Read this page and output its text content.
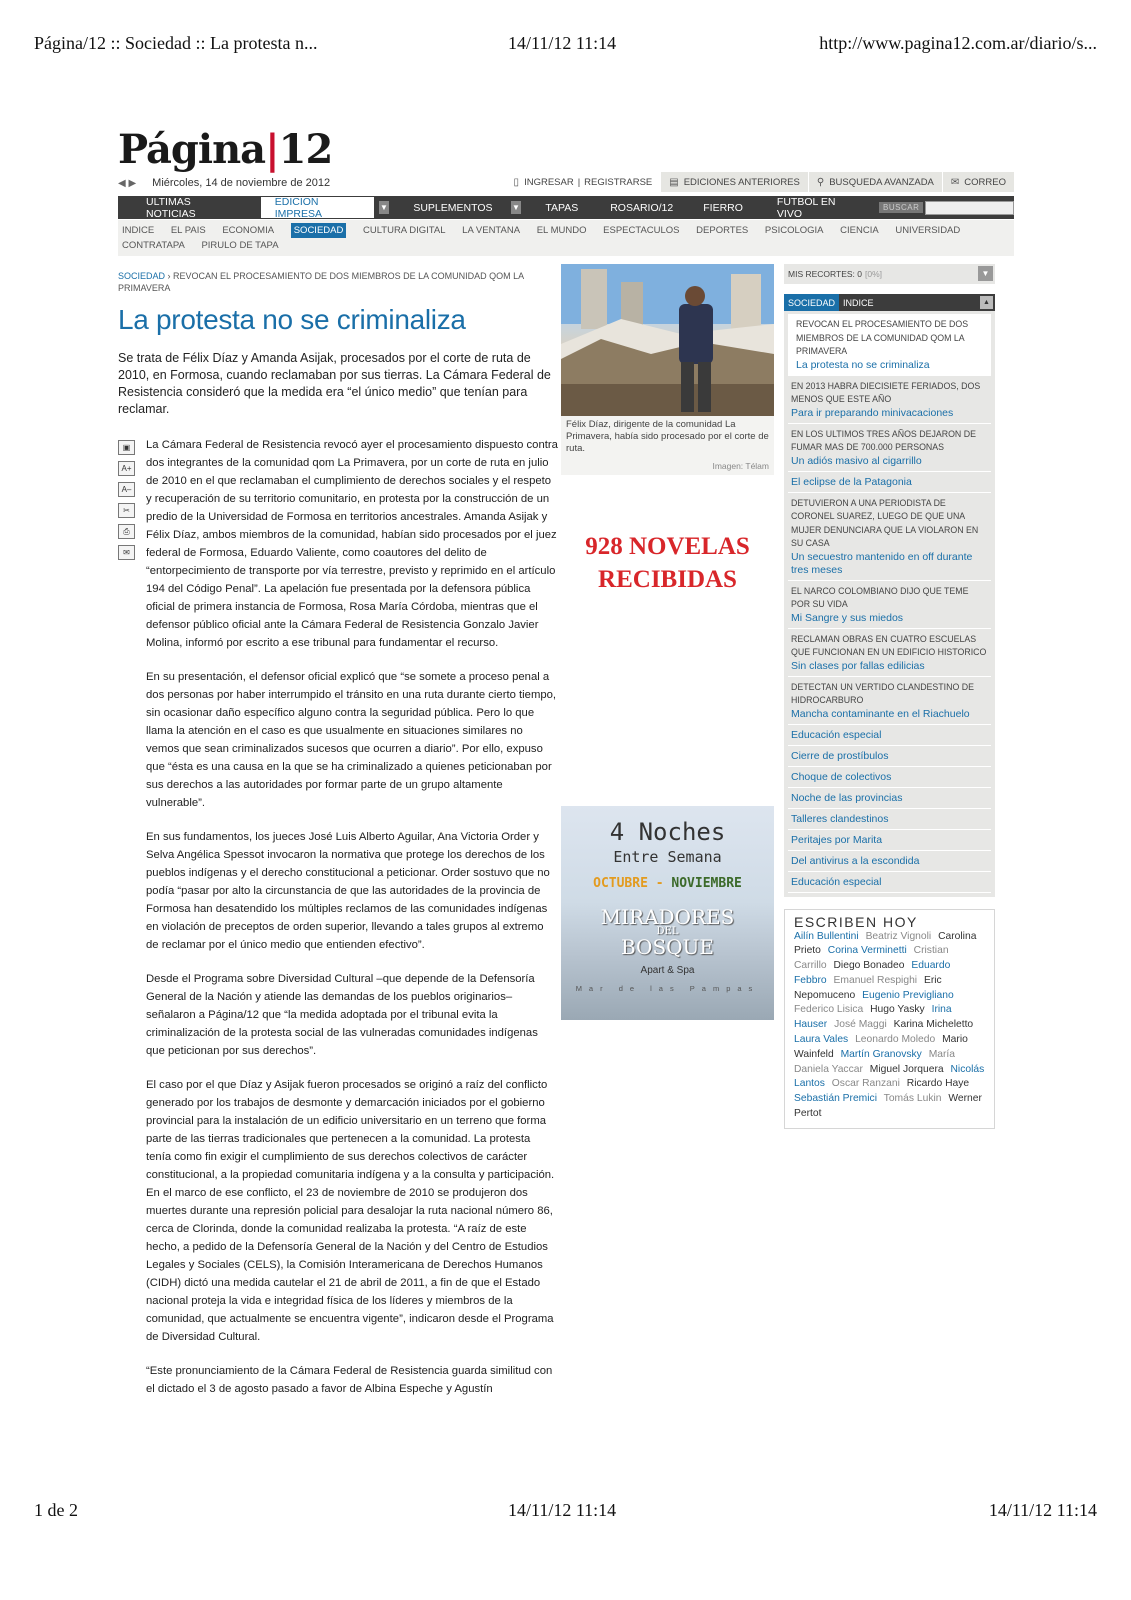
Página/12 :: Sociedad :: La protesta n...	14/11/12 11:14	http://www.pagina12.com.ar/diario/s...
Página|12
◀ ▶ Miércoles, 14 de noviembre de 2012	▯ INGRESAR | REGISTRARSE ▤ EDICIONES ANTERIORES ⚲ BUSQUEDA AVANZADA ✉ CORREO
ULTIMAS NOTICIAS
EDICION IMPRESA	▼	SUPLEMENTOS	▼	TAPAS	ROSARIO/12	FIERRO	FUTBOL EN VIVO	BUSCAR
INDICE EL PAIS ECONOMIA SOCIEDAD CULTURA DIGITAL LA VENTANA EL MUNDO ESPECTACULOS DEPORTES PSICOLOGIA CIENCIA UNIVERSIDAD CONTRATAPA PIRULO DE TAPA
SOCIEDAD › REVOCAN EL PROCESAMIENTO DE DOS MIEMBROS DE LA COMUNIDAD QOM LA PRIMAVERA
La protesta no se criminaliza

Se trata de Félix Díaz y Amanda Asijak, procesados por el corte de ruta de 2010, en Formosa, cuando reclamaban por sus tierras. La Cámara Federal de Resistencia consideró que la medida era “el único medio” que tenían para reclamar.

▣
A+
A–
✂
⎙
✉

La Cámara Federal de Resistencia revocó ayer el procesamiento dispuesto contra dos integrantes de la comunidad qom La Primavera, por un corte de ruta en julio de 2010 en el que reclamaban el cumplimiento de derechos sociales y el respeto y recuperación de su territorio comunitario, en protesta por la construcción de un predio de la Universidad de Formosa en territorios ancestrales. Amanda Asijak y Félix Díaz, ambos miembros de la comunidad, habían sido procesados por el juez federal de Formosa, Eduardo Valiente, como coautores del delito de “entorpecimiento de transporte por vía terrestre, previsto y reprimido en el artículo 194 del Código Penal”. La apelación fue presentada por la defensora pública oficial de primera instancia de Formosa, Rosa María Córdoba, mientras que el defensor público oficial ante la Cámara Federal de Resistencia Gonzalo Javier Molina, informó por escrito a ese tribunal para fundamentar el recurso.

En su presentación, el defensor oficial explicó que “se somete a proceso penal a dos personas por haber interrumpido el tránsito en una ruta durante cierto tiempo, sin ocasionar daño específico alguno contra la seguridad pública. Pero lo que llama la atención en el caso es que usualmente en situaciones similares no vemos que sean criminalizados sucesos que ocurren a diario”. Por ello, expuso que “ésta es una causa en la que se ha criminalizado a quienes peticionaban por sus derechos a las autoridades por formar parte de un grupo altamente vulnerable”.

En sus fundamentos, los jueces José Luis Alberto Aguilar, Ana Victoria Order y Selva Angélica Spessot invocaron la normativa que protege los derechos de los pueblos indígenas y el derecho constitucional a peticionar. Order sostuvo que no podía “pasar por alto la circunstancia de que las autoridades de la provincia de Formosa han desatendido los múltiples reclamos de las comunidades indígenas en violación de preceptos de orden superior, llevando a tales grupos al extremo de reclamar por el único medio que entienden efectivo”.

Desde el Programa sobre Diversidad Cultural –que depende de la Defensoría General de la Nación y atiende las demandas de los pueblos originarios– señalaron a Página/12 que “la medida adoptada por el tribunal evita la criminalización de la protesta social de las vulneradas comunidades indígenas que peticionan por sus derechos”.

El caso por el que Díaz y Asijak fueron procesados se originó a raíz del conflicto generado por los trabajos de desmonte y demarcación iniciados por el gobierno provincial para la instalación de un edificio universitario en un terreno que forma parte de las tierras tradicionales que pertenecen a la comunidad. La protesta tenía como fin exigir el cumplimiento de sus derechos colectivos de carácter constitucional, a la propiedad comunitaria indígena y a la consulta y participación. En el marco de ese conflicto, el 23 de noviembre de 2010 se produjeron dos muertes durante una represión policial para desalojar la ruta nacional número 86, cerca de Clorinda, donde la comunidad realizaba la protesta. “A raíz de este hecho, a pedido de la Defensoría General de la Nación y del Centro de Estudios Legales y Sociales (CELS), la Comisión Interamericana de Derechos Humanos (CIDH) dictó una medida cautelar el 21 de abril de 2011, a fin de que el Estado nacional proteja la vida e integridad física de los líderes y miembros de la comunidad, que actualmente se encuentra vigente”, indicaron desde el Programa de Diversidad Cultural.

“Este pronunciamiento de la Cámara Federal de Resistencia guarda similitud con el dictado el 3 de agosto pasado a favor de Albina Espeche y Agustín

Félix Díaz, dirigente de la comunidad La Primavera, había sido procesado por el corte de ruta.
Imagen: Télam
928 NOVELAS
RECIBIDAS
4 Noches
Entre Semana
OCTUBRE - NOVIEMBRE
MIRADORES
DEL
BOSQUE
Apart & Spa
Mar de las Pampas
MIS RECORTES: 0 [0%]	▼
SOCIEDAD INDICE	▲
REVOCAN EL PROCESAMIENTO DE DOS MIEMBROS DE LA COMUNIDAD QOM LA PRIMAVERA
La protesta no se criminaliza
EN 2013 HABRA DIECISIETE FERIADOS, DOS MENOS QUE ESTE AÑO
Para ir preparando minivacaciones
EN LOS ULTIMOS TRES AÑOS DEJARON DE FUMAR MAS DE 700.000 PERSONAS
Un adiós masivo al cigarrillo
El eclipse de la Patagonia
DETUVIERON A UNA PERIODISTA DE CORONEL SUAREZ, LUEGO DE QUE UNA MUJER DENUNCIARA QUE LA VIOLARON EN SU CASA
Un secuestro mantenido en off durante tres meses
EL NARCO COLOMBIANO DIJO QUE TEME POR SU VIDA
Mi Sangre y sus miedos
RECLAMAN OBRAS EN CUATRO ESCUELAS QUE FUNCIONAN EN UN EDIFICIO HISTORICO
Sin clases por fallas edilicias
DETECTAN UN VERTIDO CLANDESTINO DE HIDROCARBURO
Mancha contaminante en el Riachuelo
Educación especial
Cierre de prostíbulos
Choque de colectivos
Noche de las provincias
Talleres clandestinos
Peritajes por Marita
Del antivirus a la escondida
Educación especial
ESCRIBEN HOY
Ailín Bullentini Beatriz Vignoli Carolina Prieto Corina Verminetti Cristian Carrillo Diego Bonadeo Eduardo Febbro Emanuel Respighi Eric Nepomuceno Eugenio Previgliano Federico Lisica Hugo Yasky Irina Hauser José Maggi Karina Micheletto Laura Vales Leonardo Moledo Mario Wainfeld Martín Granovsky María Daniela Yaccar Miguel Jorquera Nicolás Lantos Oscar Ranzani Ricardo Haye Sebastián Premici Tomás Lukin Werner Pertot
1 de 2	14/11/12 11:14	14/11/12 11:14
